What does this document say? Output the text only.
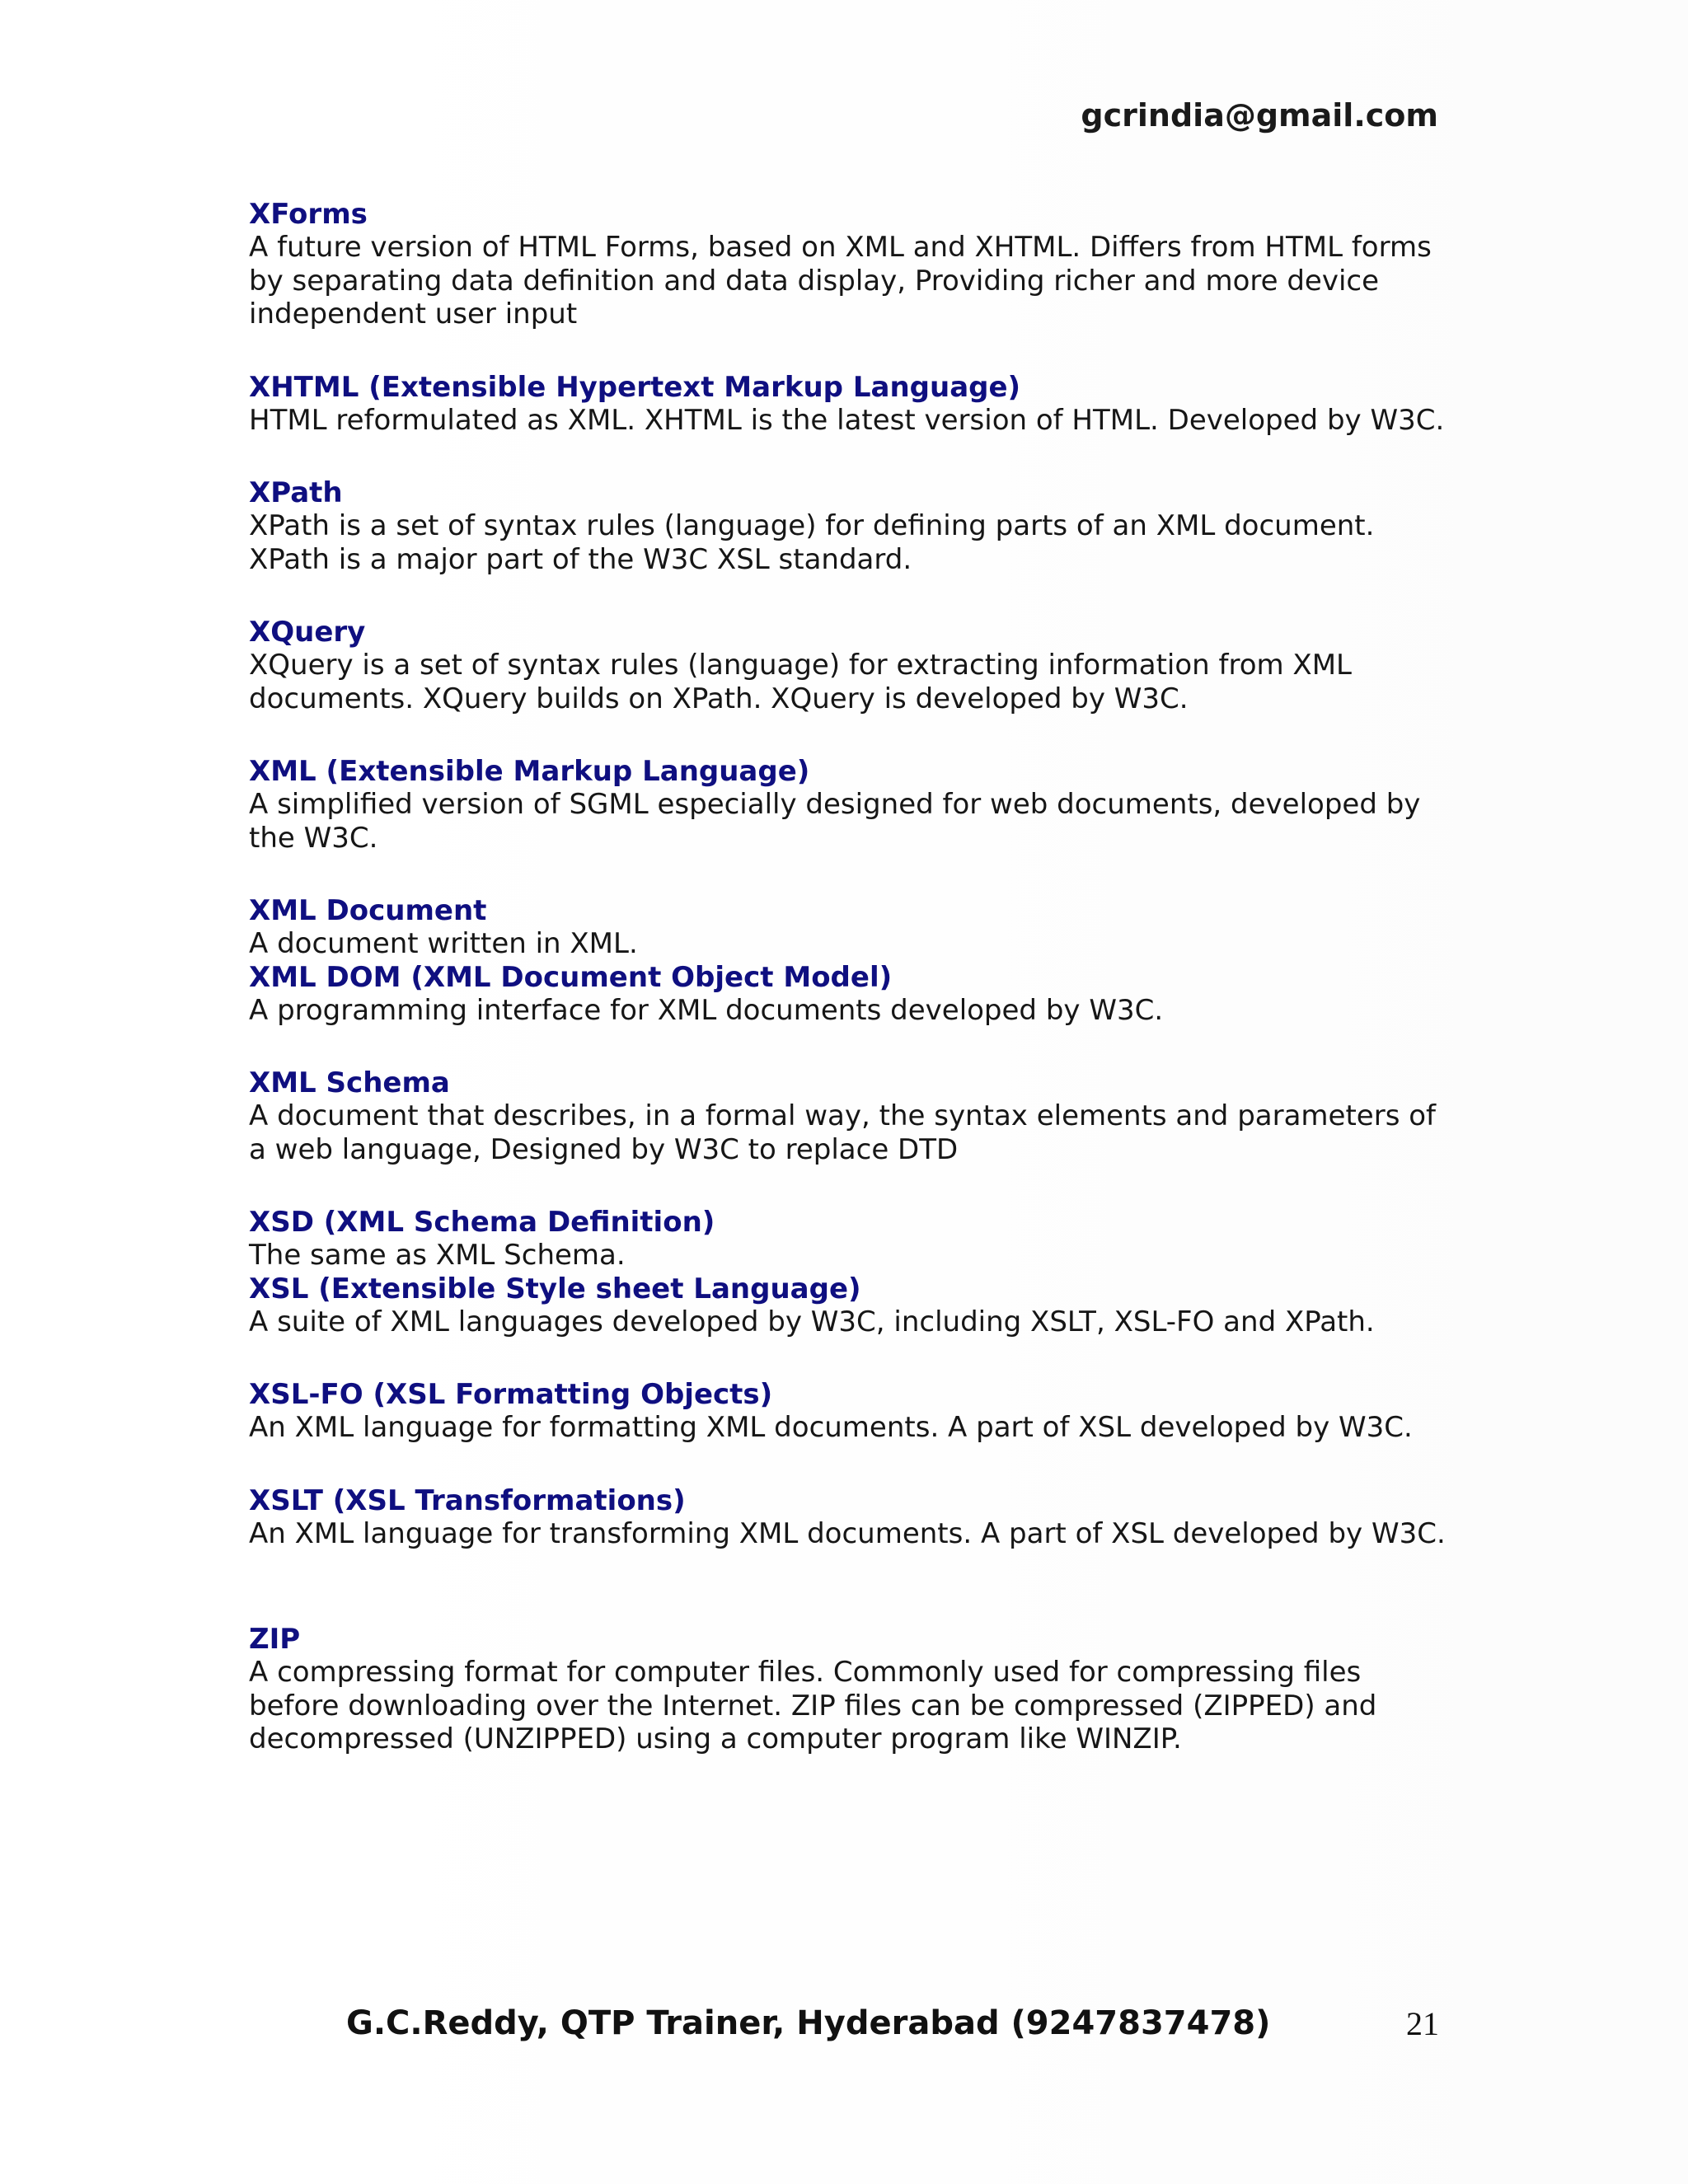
gcrindia@gmail.com
XForms
A future version of HTML Forms, based on XML and XHTML. Differs from HTML forms by separating data definition and data display, Providing richer and more device independent user input
XHTML (Extensible Hypertext Markup Language)
HTML reformulated as XML. XHTML is the latest version of HTML. Developed by W3C.
XPath
XPath is a set of syntax rules (language) for defining parts of an XML document. XPath is a major part of the W3C XSL standard.
XQuery
XQuery is a set of syntax rules (language) for extracting information from XML documents. XQuery builds on XPath. XQuery is developed by W3C.
XML (Extensible Markup Language)
A simplified version of SGML especially designed for web documents, developed by the W3C.
XML Document
A document written in XML.
XML DOM (XML Document Object Model)
A programming interface for XML documents developed by W3C.
XML Schema
A document that describes, in a formal way, the syntax elements and parameters of a web language, Designed by W3C to replace DTD
XSD (XML Schema Definition)
The same as XML Schema.
XSL (Extensible Style sheet Language)
A suite of XML languages developed by W3C, including XSLT, XSL-FO and XPath.
XSL-FO (XSL Formatting Objects)
An XML language for formatting XML documents. A part of XSL developed by W3C.
XSLT (XSL Transformations)
An XML language for transforming XML documents. A part of XSL developed by W3C.
ZIP
A compressing format for computer files. Commonly used for compressing files before downloading over the Internet. ZIP files can be compressed (ZIPPED) and decompressed (UNZIPPED) using a computer program like WINZIP.
G.C.Reddy, QTP Trainer, Hyderabad (9247837478)	21
